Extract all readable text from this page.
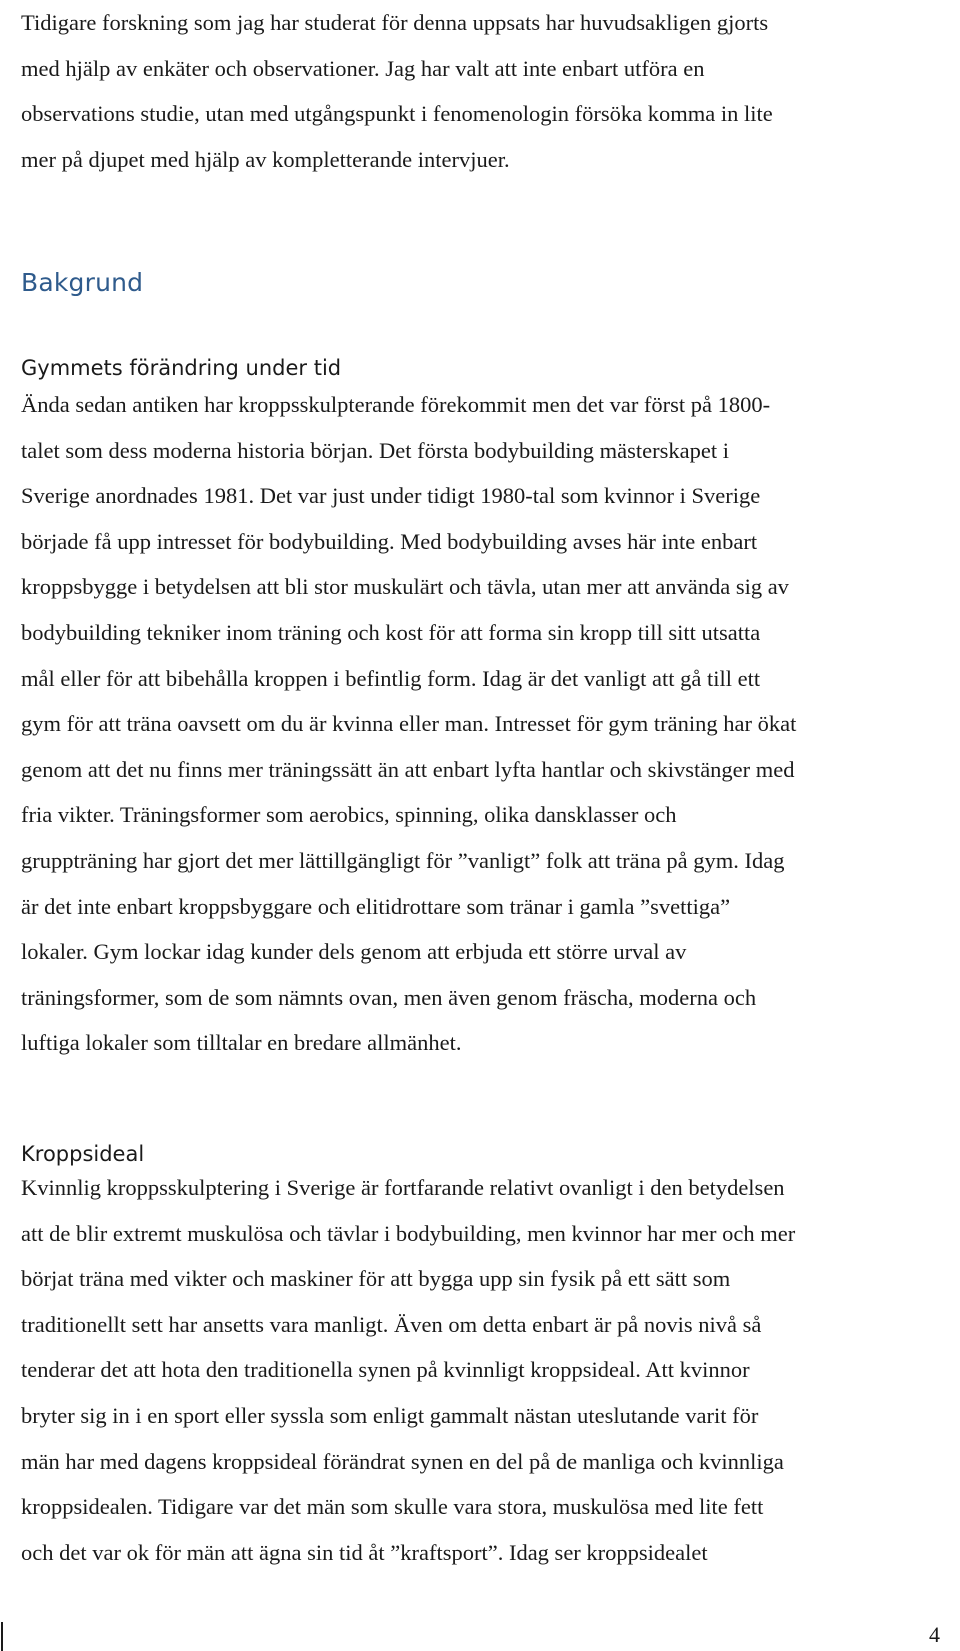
Tidigare forskning som jag har studerat för denna uppsats har huvudsakligen gjorts
med hjälp av enkäter och observationer. Jag har valt att inte enbart utföra en
observations studie, utan med utgångspunkt i fenomenologin försöka komma in lite
mer på djupet med hjälp av kompletterande intervjuer.

Bakgrund
Gymmets förändring under tid

Ända sedan antiken har kroppsskulpterande förekommit men det var först på 1800-
talet som dess moderna historia början. Det första bodybuilding mästerskapet i
Sverige anordnades 1981. Det var just under tidigt 1980-tal som kvinnor i Sverige
började få upp intresset för bodybuilding. Med bodybuilding avses här inte enbart
kroppsbygge i betydelsen att bli stor muskulärt och tävla, utan mer att använda sig av
bodybuilding tekniker inom träning och kost för att forma sin kropp till sitt utsatta
mål eller för att bibehålla kroppen i befintlig form. Idag är det vanligt att gå till ett
gym för att träna oavsett om du är kvinna eller man. Intresset för gym träning har ökat
genom att det nu finns mer träningssätt än att enbart lyfta hantlar och skivstänger med
fria vikter. Träningsformer som aerobics, spinning, olika dansklasser och
gruppträning har gjort det mer lättillgängligt för ”vanligt” folk att träna på gym. Idag
är det inte enbart kroppsbyggare och elitidrottare som tränar i gamla ”svettiga”
lokaler. Gym lockar idag kunder dels genom att erbjuda ett större urval av
träningsformer, som de som nämnts ovan, men även genom fräscha, moderna och
luftiga lokaler som tilltalar en bredare allmänhet.

Kroppsideal

Kvinnlig kroppsskulptering i Sverige är fortfarande relativt ovanligt i den betydelsen
att de blir extremt muskulösa och tävlar i bodybuilding, men kvinnor har mer och mer
börjat träna med vikter och maskiner för att bygga upp sin fysik på ett sätt som
traditionellt sett har ansetts vara manligt. Även om detta enbart är på novis nivå så
tenderar det att hota den traditionella synen på kvinnligt kroppsideal. Att kvinnor
bryter sig in i en sport eller syssla som enligt gammalt nästan uteslutande varit för
män har med dagens kroppsideal förändrat synen en del på de manliga och kvinnliga
kroppsidealen. Tidigare var det män som skulle vara stora, muskulösa med lite fett
och det var ok för män att ägna sin tid åt ”kraftsport”. Idag ser kroppsidealet

4
